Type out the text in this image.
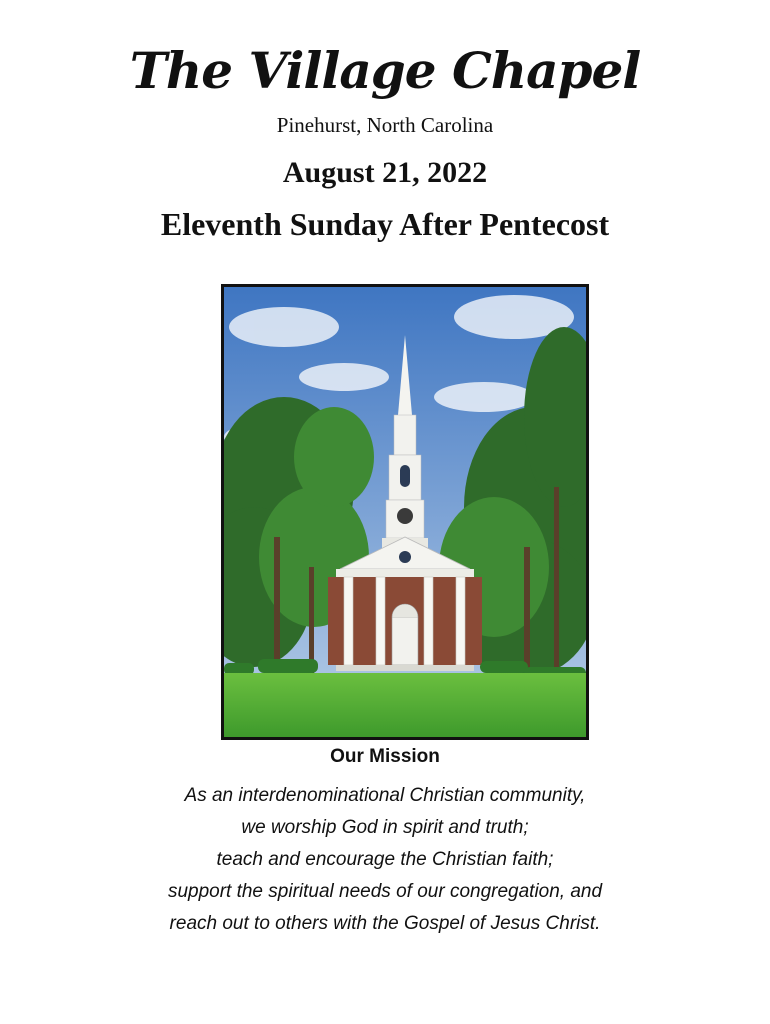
The Village Chapel
Pinehurst, North Carolina
August 21, 2022
Eleventh Sunday After Pentecost
Our Mission
As an interdenominational Christian community,
we worship God in spirit and truth;
teach and encourage the Christian faith;
support the spiritual needs of our congregation, and
reach out to others with the Gospel of Jesus Christ.
